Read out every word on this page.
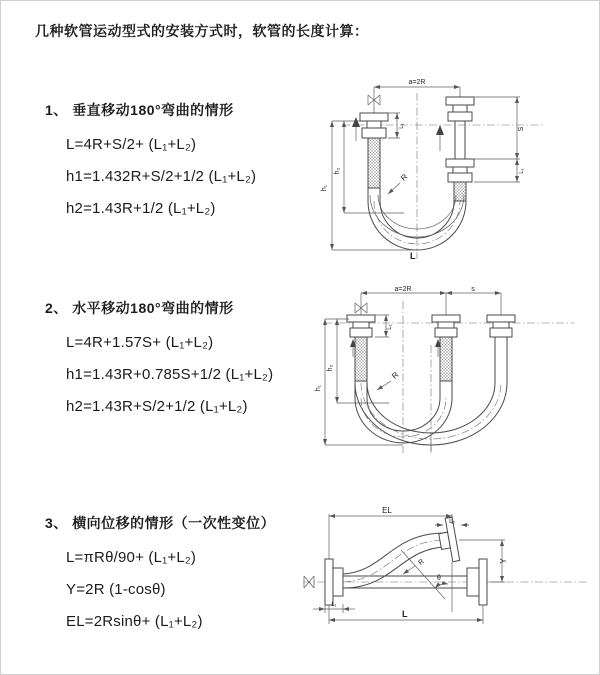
几种软管运动型式的安装方式时，软管的长度计算：
1、 垂直移动180°弯曲的情形
L=4R+S/2+ (L₁+L₂)
h1=1.432R+S/2+1/2 (L₁+L₂)
h2=1.43R+1/2 (L₁+L₂)
2、 水平移动180°弯曲的情形
L=4R+1.57S+ (L₁+L₂)
h1=1.43R+0.785S+1/2 (L₁+L₂)
h2=1.43R+S/2+1/2 (L₁+L₂)
3、 横向位移的情形（一次性变位）
L=πRθ/90+ (L₁+L₂)
Y=2R (1-cosθ)
EL=2Rsinθ+ (L₁+L₂)
a=2R
h₁
h₂
L₁
S
L₁
R
L
a=2R	s
h₁
h₂
L₁
R
EL
L₂
Y
L
L₁
θ
R
